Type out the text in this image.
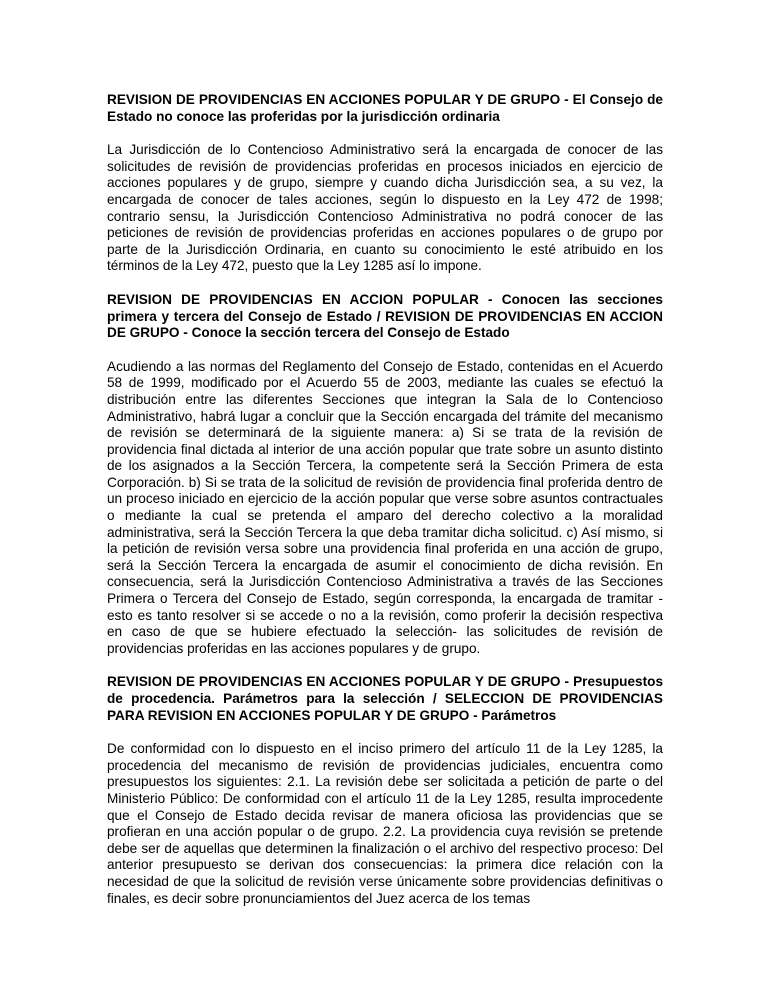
REVISION DE PROVIDENCIAS EN ACCIONES POPULAR Y DE GRUPO - El Consejo de Estado no conoce las proferidas por la jurisdicción ordinaria
La Jurisdicción de lo Contencioso Administrativo será la encargada de conocer de las solicitudes de revisión de providencias proferidas en procesos iniciados en ejercicio de acciones populares y de grupo, siempre y cuando dicha Jurisdicción sea, a su vez, la encargada de conocer de tales acciones, según lo dispuesto en la Ley 472 de 1998; contrario sensu, la Jurisdicción Contencioso Administrativa no podrá conocer de las peticiones de revisión de providencias proferidas en acciones populares o de grupo por parte de la Jurisdicción Ordinaria, en cuanto su conocimiento le esté atribuido en los términos de la Ley 472, puesto que la Ley 1285 así lo impone.
REVISION DE PROVIDENCIAS EN ACCION POPULAR - Conocen las secciones primera y tercera del Consejo de Estado / REVISION DE PROVIDENCIAS EN ACCION DE GRUPO - Conoce la sección tercera del Consejo de Estado
Acudiendo a las normas del Reglamento del Consejo de Estado, contenidas en el Acuerdo 58 de 1999, modificado por el Acuerdo 55 de 2003, mediante las cuales se efectuó la distribución entre las diferentes Secciones que integran la Sala de lo Contencioso Administrativo, habrá lugar a concluir que la Sección encargada del trámite del mecanismo de revisión se determinará de la siguiente manera: a) Si se trata de la revisión de providencia final dictada al interior de una acción popular que trate sobre un asunto distinto de los asignados a la Sección Tercera, la competente será la Sección Primera de esta Corporación. b) Si se trata de la solicitud de revisión de providencia final proferida dentro de un proceso iniciado en ejercicio de la acción popular que verse sobre asuntos contractuales o mediante la cual se pretenda el amparo del derecho colectivo a la moralidad administrativa, será la Sección Tercera la que deba tramitar dicha solicitud. c) Así mismo, si la petición de revisión versa sobre una providencia final proferida en una acción de grupo, será la Sección Tercera la encargada de asumir el conocimiento de dicha revisión. En consecuencia, será la Jurisdicción Contencioso Administrativa a través de las Secciones Primera o Tercera del Consejo de Estado, según corresponda, la encargada de tramitar -esto es tanto resolver si se accede o no a la revisión, como proferir la decisión respectiva en caso de que se hubiere efectuado la selección- las solicitudes de revisión de providencias proferidas en las acciones populares y de grupo.
REVISION DE PROVIDENCIAS EN ACCIONES POPULAR Y DE GRUPO - Presupuestos de procedencia. Parámetros para la selección / SELECCION DE PROVIDENCIAS PARA REVISION EN ACCIONES POPULAR Y DE GRUPO - Parámetros
De conformidad con lo dispuesto en el inciso primero del artículo 11 de la Ley 1285, la procedencia del mecanismo de revisión de providencias judiciales, encuentra como presupuestos los siguientes: 2.1. La revisión debe ser solicitada a petición de parte o del Ministerio Público: De conformidad con el artículo 11 de la Ley 1285, resulta improcedente que el Consejo de Estado decida revisar de manera oficiosa las providencias que se profieran en una acción popular o de grupo. 2.2. La providencia cuya revisión se pretende debe ser de aquellas que determinen la finalización o el archivo del respectivo proceso: Del anterior presupuesto se derivan dos consecuencias: la primera dice relación con la necesidad de que la solicitud de revisión verse únicamente sobre providencias definitivas o finales, es decir sobre pronunciamientos del Juez acerca de los temas
